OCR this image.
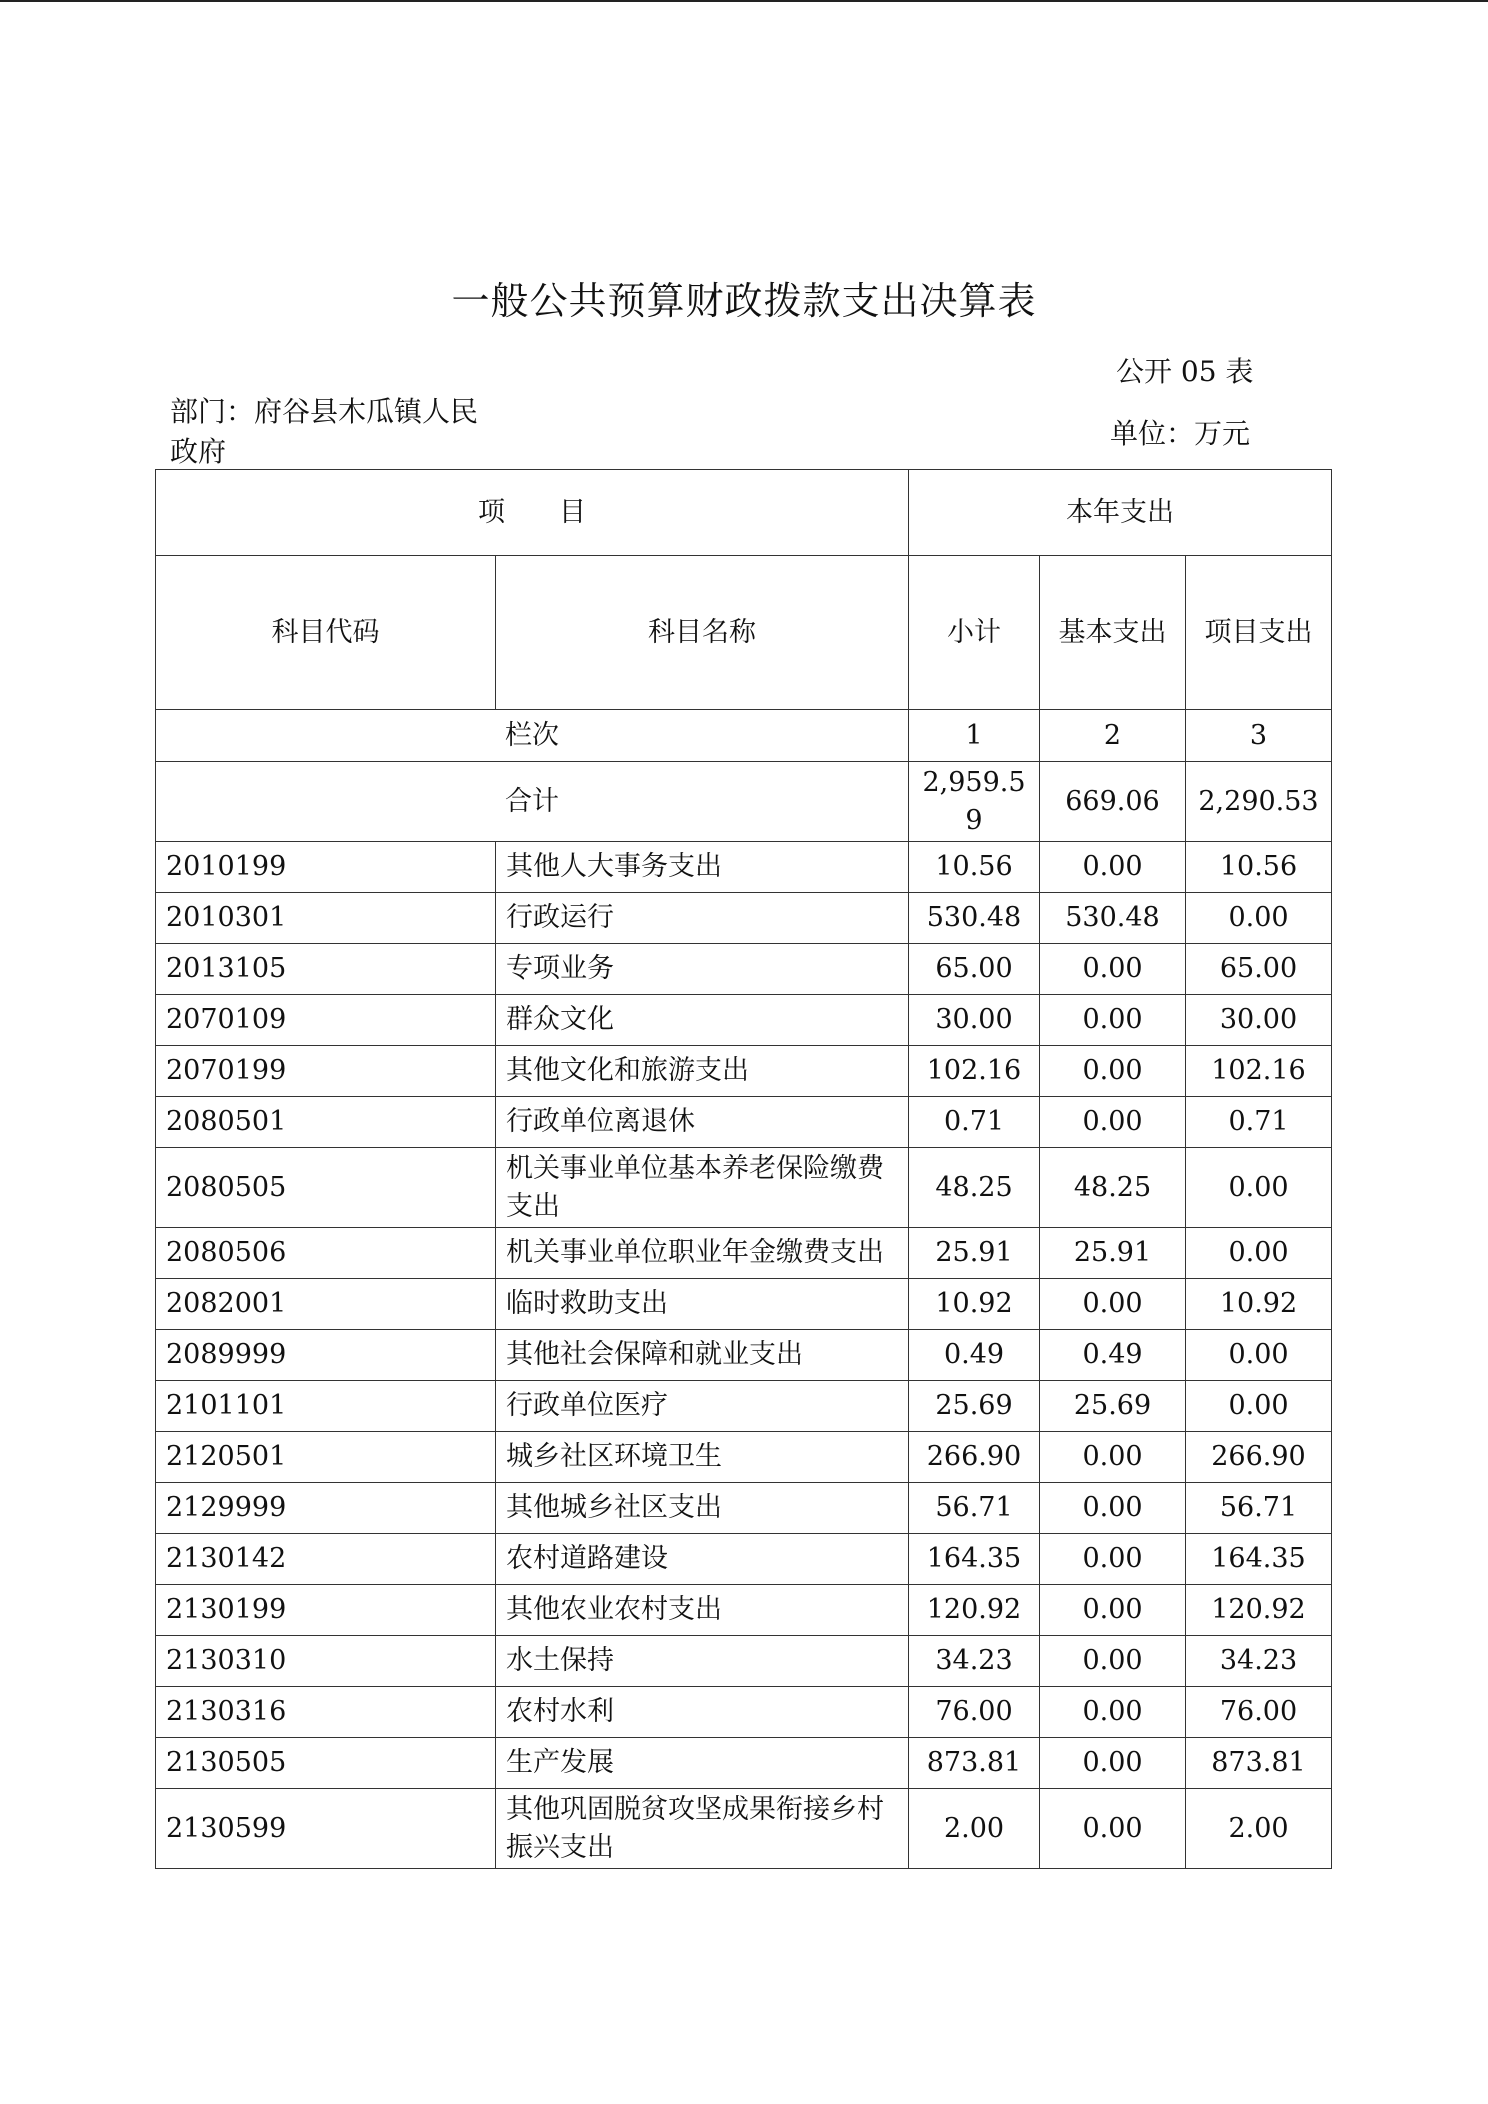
一般公共预算财政拨款支出决算表
公开 05 表
部门：府谷县木瓜镇人民政府
单位：万元
项　　目		本年支出		
科目代码	科目名称	小计	基本支出	项目支出
栏次		1	2	3
合计		2,959.59	669.06	2,290.53
2010199	其他人大事务支出	10.56	0.00	10.56
2010301	行政运行	530.48	530.48	0.00
2013105	专项业务	65.00	0.00	65.00
2070109	群众文化	30.00	0.00	30.00
2070199	其他文化和旅游支出	102.16	0.00	102.16
2080501	行政单位离退休	0.71	0.00	0.71
2080505	机关事业单位基本养老保险缴费支出	48.25	48.25	0.00
2080506	机关事业单位职业年金缴费支出	25.91	25.91	0.00
2082001	临时救助支出	10.92	0.00	10.92
2089999	其他社会保障和就业支出	0.49	0.49	0.00
2101101	行政单位医疗	25.69	25.69	0.00
2120501	城乡社区环境卫生	266.90	0.00	266.90
2129999	其他城乡社区支出	56.71	0.00	56.71
2130142	农村道路建设	164.35	0.00	164.35
2130199	其他农业农村支出	120.92	0.00	120.92
2130310	水土保持	34.23	0.00	34.23
2130316	农村水利	76.00	0.00	76.00
2130505	生产发展	873.81	0.00	873.81
2130599	其他巩固脱贫攻坚成果衔接乡村振兴支出	2.00	0.00	2.00
